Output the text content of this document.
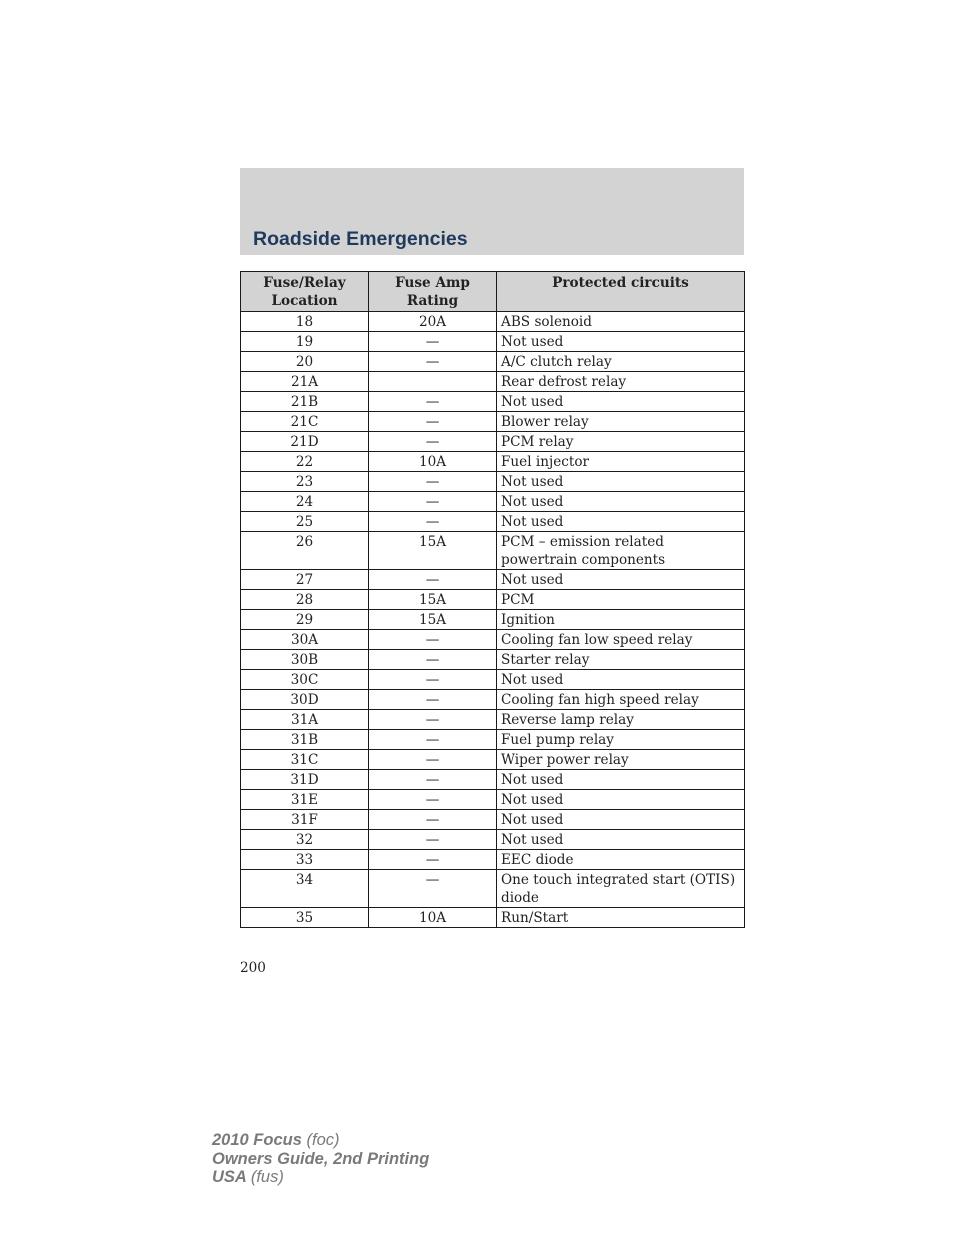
Roadside Emergencies
Fuse/Relay Location	Fuse Amp Rating	Protected circuits
18	20A	ABS solenoid
19	—	Not used
20	—	A/C clutch relay
21A		Rear defrost relay
21B	—	Not used
21C	—	Blower relay
21D	—	PCM relay
22	10A	Fuel injector
23	—	Not used
24	—	Not used
25	—	Not used
26	15A	PCM – emission related powertrain components
27	—	Not used
28	15A	PCM
29	15A	Ignition
30A	—	Cooling fan low speed relay
30B	—	Starter relay
30C	—	Not used
30D	—	Cooling fan high speed relay
31A	—	Reverse lamp relay
31B	—	Fuel pump relay
31C	—	Wiper power relay
31D	—	Not used
31E	—	Not used
31F	—	Not used
32	—	Not used
33	—	EEC diode
34	—	One touch integrated start (OTIS) diode
35	10A	Run/Start
200
2010 Focus (foc)
Owners Guide, 2nd Printing
USA (fus)
